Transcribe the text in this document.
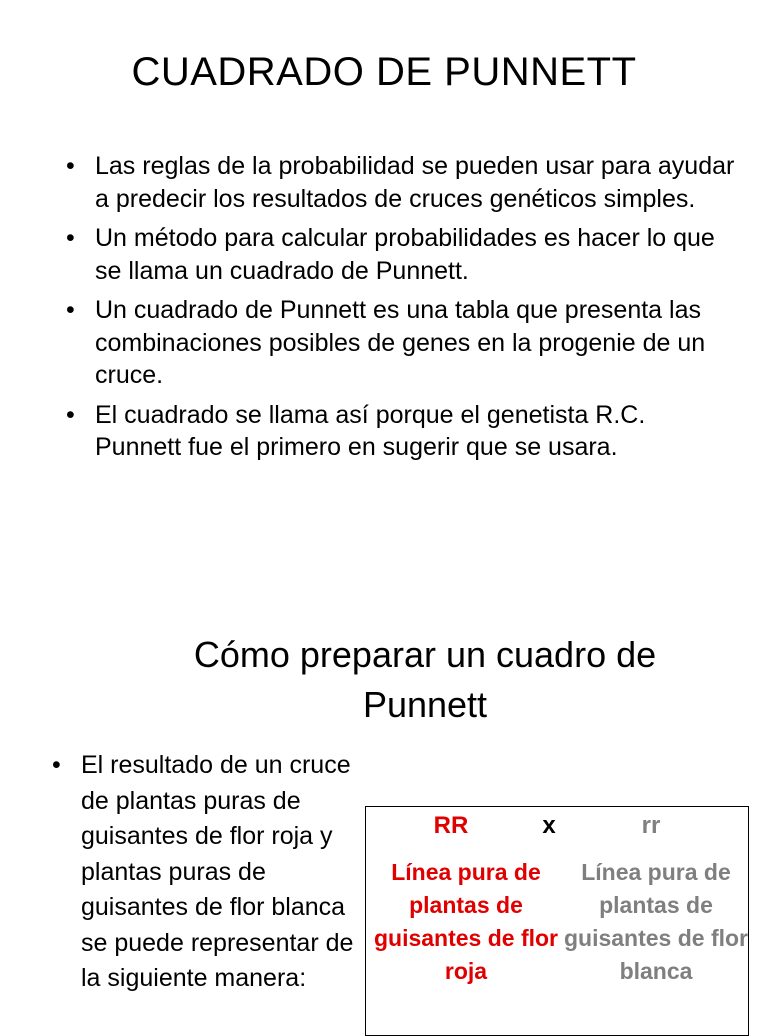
CUADRADO DE PUNNETT
• Las reglas de la probabilidad se pueden usar para ayudar a predecir los resultados de cruces genéticos simples.
• Un método para calcular probabilidades es hacer lo que se llama un cuadrado de Punnett.
• Un cuadrado de Punnett es una tabla que presenta las combinaciones posibles de genes en la progenie de un cruce.
• El cuadrado se llama así porque el genetista R.C. Punnett fue el primero en sugerir que se usara.
Cómo preparar un cuadro de Punnett
• El resultado de un cruce de plantas puras de guisantes de flor roja y plantas puras de guisantes de flor blanca se puede representar de la siguiente manera:
RR	x	rr
Línea pura de plantas de guisantes de flor roja
Línea pura de plantas de guisantes de flor blanca
